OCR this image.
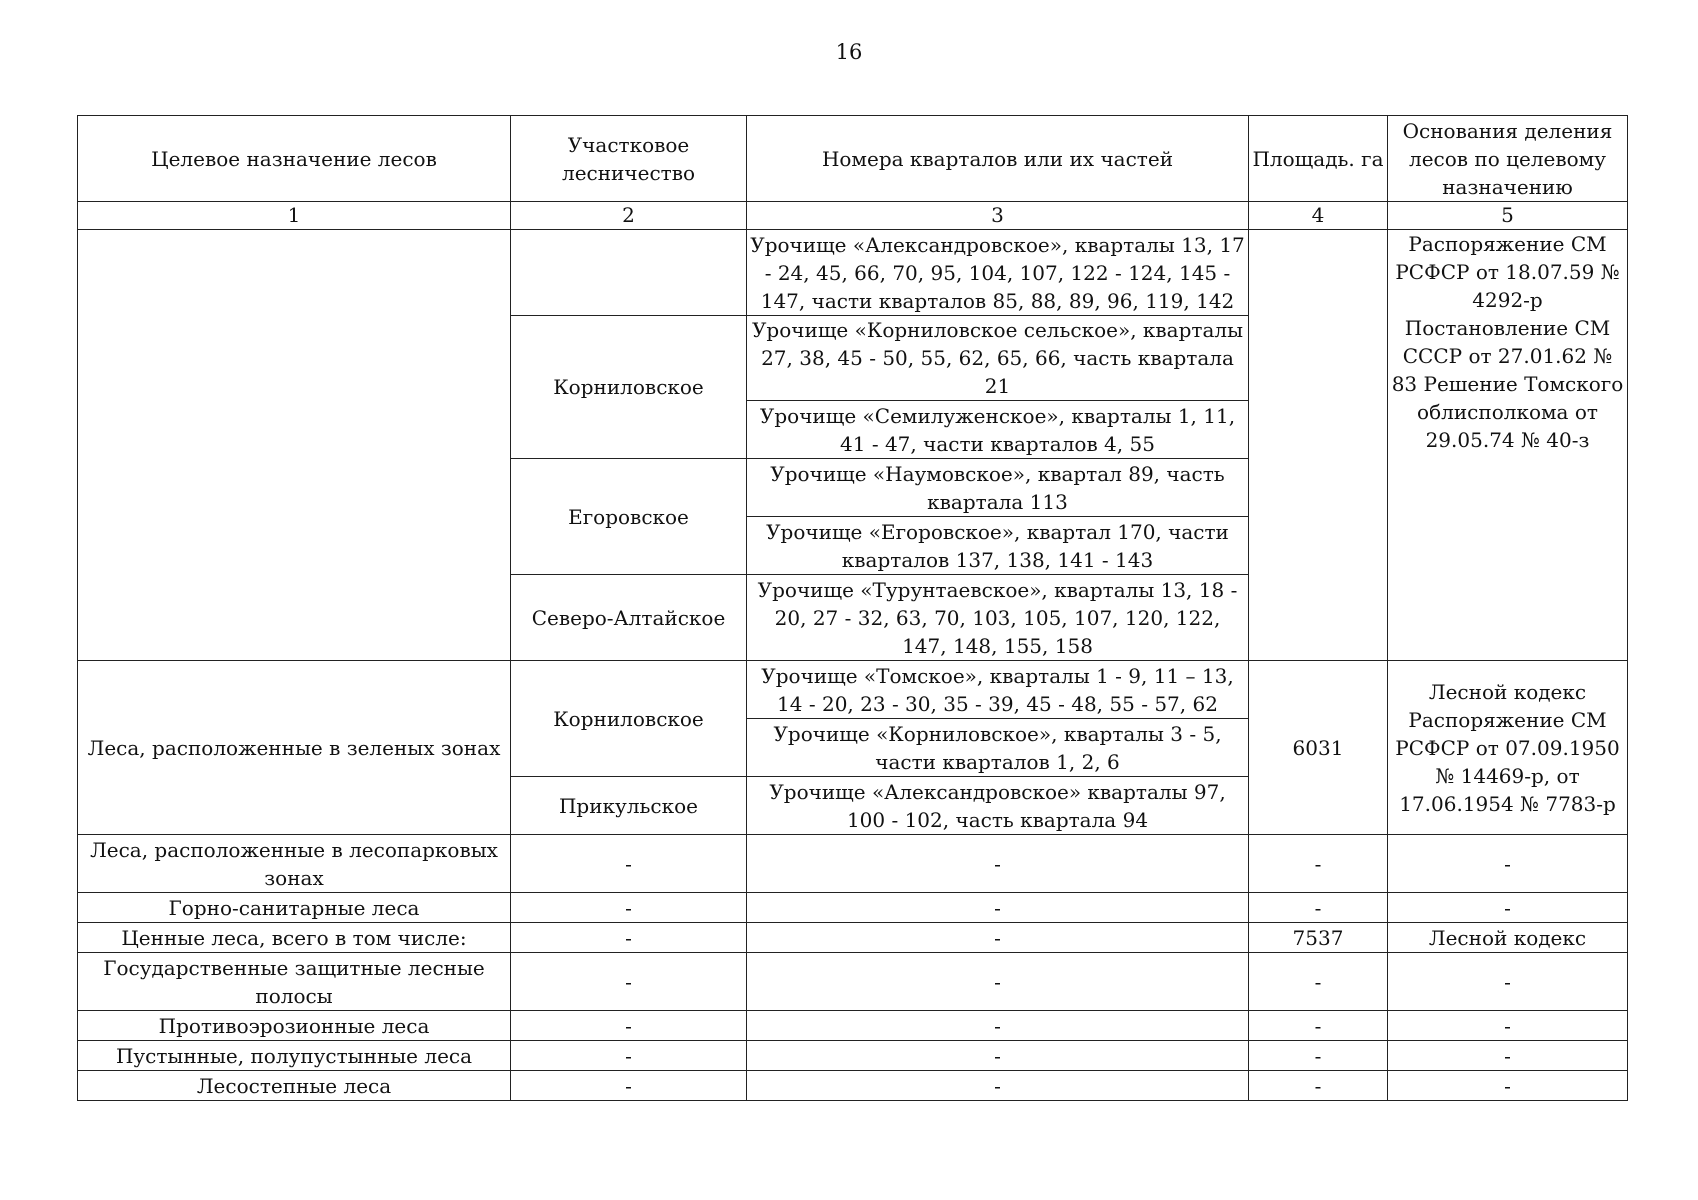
16
Целевое назначение лесов	Участковое лесничество	Номера кварталов или их частей	Площадь. га	Основания деления лесов по целевому назначению
1	2	3	4	5
		Урочище «Александровское», кварталы 13, 17 - 24, 45, 66, 70, 95, 104, 107, 122 - 124, 145 - 147, части кварталов 85, 88, 89, 96, 119, 142		Распоряжение СМ РСФСР от 18.07.59 № 4292-р Постановление СМ СССР от 27.01.62 № 83 Решение Томского облисполкома от 29.05.74 № 40-з
	Корниловское	Урочище «Корниловское сельское», кварталы 27, 38, 45 - 50, 55, 62, 65, 66, часть квартала 21		
		Урочище «Семилуженское», кварталы 1, 11, 41 - 47, части кварталов 4, 55		
	Егоровское	Урочище «Наумовское», квартал 89, часть квартала 113		
		Урочище «Егоровское», квартал 170, части кварталов 137, 138, 141 - 143		
	Северо-Алтайское	Урочище «Турунтаевское», кварталы 13, 18 - 20, 27 - 32, 63, 70, 103, 105, 107, 120, 122, 147, 148, 155, 158		
Леса, расположенные в зеленых зонах	Корниловское	Урочище «Томское», кварталы 1 - 9, 11 – 13, 14 - 20, 23 - 30, 35 - 39, 45 - 48, 55 - 57, 62	6031	Лесной кодекс Распоряжение СМ РСФСР от 07.09.1950 № 14469-р, от 17.06.1954 № 7783-р
		Урочище «Корниловское», кварталы 3 - 5, части кварталов 1, 2, 6		
	Прикульское	Урочище «Александровское» кварталы 97, 100 - 102, часть квартала 94		
Леса, расположенные в лесопарковых зонах	-	-	-	-
Горно-санитарные леса	-	-	-	-
Ценные леса, всего в том числе:	-	-	7537	Лесной кодекс
Государственные защитные лесные полосы	-	-	-	-
Противоэрозионные леса	-	-	-	-
Пустынные, полупустынные леса	-	-	-	-
Лесостепные леса	-	-	-	-
